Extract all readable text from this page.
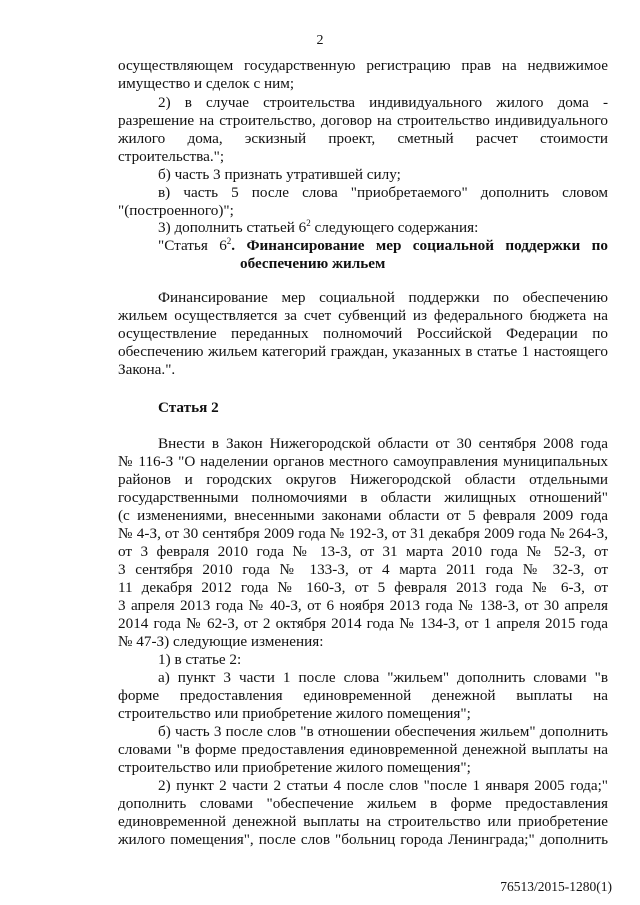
2
осуществляющем государственную регистрацию прав на недвижимое
имущество и сделок с ним;
2) в случае строительства индивидуального жилого дома -
разрешение на строительство, договор на строительство индивидуального
жилого дома, эскизный проект, сметный расчет стоимости
строительства.";
б) часть 3 признать утратившей силу;
в) часть 5 после слова "приобретаемого" дополнить словом
"(построенного)";
3) дополнить статьей $6^2$ следующего содержания:
"Статья $6^2$. Финансирование мер социальной поддержки по
обеспечению жильем
Финансирование мер социальной поддержки по обеспечению
жильем осуществляется за счет субвенций из федерального бюджета на
осуществление переданных полномочий Российской Федерации по
обеспечению жильем категорий граждан, указанных в статье 1 настоящего
Закона.".
Статья 2
Внести в Закон Нижегородской области от 30 сентября 2008 года
№ 116-З "О наделении органов местного самоуправления муниципальных
районов и городских округов Нижегородской области отдельными
государственными полномочиями в области жилищных отношений"
(с изменениями, внесенными законами области от 5 февраля 2009 года
№ 4-З, от 30 сентября 2009 года № 192-З, от 31 декабря 2009 года № 264-З,
от 3 февраля 2010 года № 13-З, от 31 марта 2010 года № 52-З, от
3 сентября 2010 года № 133-З, от 4 марта 2011 года № 32-З, от
11 декабря 2012 года № 160-З, от 5 февраля 2013 года № 6-З, от
3 апреля 2013 года № 40-З, от 6 ноября 2013 года № 138-З, от 30 апреля
2014 года № 62-З, от 2 октября 2014 года № 134-З, от 1 апреля 2015 года
№ 47-З) следующие изменения:
1) в статье 2:
а) пункт 3 части 1 после слова "жильем" дополнить словами "в
форме предоставления единовременной денежной выплаты на
строительство или приобретение жилого помещения";
б) часть 3 после слов "в отношении обеспечения жильем" дополнить
словами "в форме предоставления единовременной денежной выплаты на
строительство или приобретение жилого помещения";
76513/2015-1280(1)
2) пункт 2 части 2 статьи 4 после слов "после 1 января 2005 года;"
дополнить словами "обеспечение жильем в форме предоставления
единовременной денежной выплаты на строительство или приобретение
жилого помещения", после слов "больниц города Ленинграда;" дополнить
